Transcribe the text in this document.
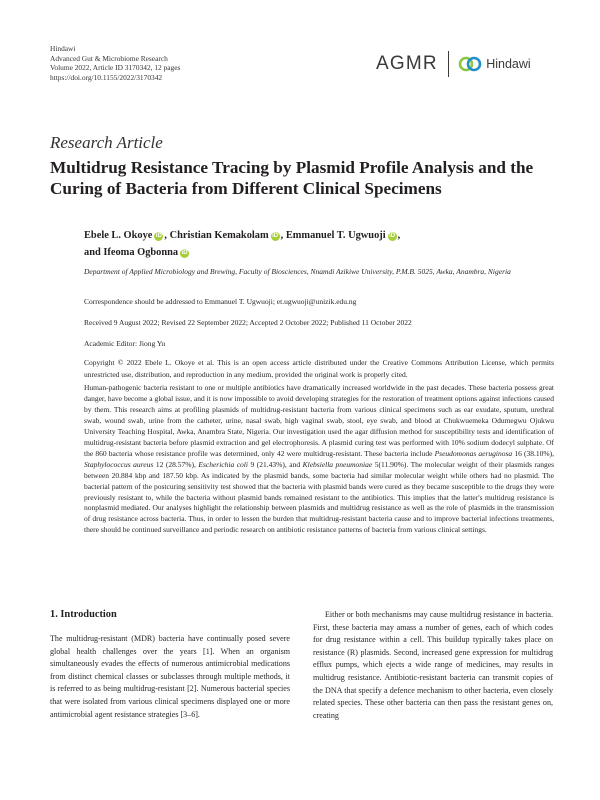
Hindawi
Advanced Gut & Microbiome Research
Volume 2022, Article ID 3170342, 12 pages
https://doi.org/10.1155/2022/3170342
AGMR	Hindawi
Research Article
Multidrug Resistance Tracing by Plasmid Profile Analysis and the Curing of Bacteria from Different Clinical Specimens
Ebele L. Okoye iD , Christian Kemakolam iD , Emmanuel T. Ugwuoji iD ,
and Ifeoma Ogbonna iD
Department of Applied Microbiology and Brewing, Faculty of Biosciences, Nnamdi Azikiwe University, P.M.B. 5025, Awka, Anambra, Nigeria
Correspondence should be addressed to Emmanuel T. Ugwuoji; et.ugwuoji@unizik.edu.ng
Received 9 August 2022; Revised 22 September 2022; Accepted 2 October 2022; Published 11 October 2022
Academic Editor: Jiong Yu
Copyright © 2022 Ebele L. Okoye et al. This is an open access article distributed under the Creative Commons Attribution License, which permits unrestricted use, distribution, and reproduction in any medium, provided the original work is properly cited.
Human-pathogenic bacteria resistant to one or multiple antibiotics have dramatically increased worldwide in the past decades. These bacteria possess great danger, have become a global issue, and it is now impossible to avoid developing strategies for the restoration of treatment options against infections caused by them. This research aims at profiling plasmids of multidrug-resistant bacteria from various clinical specimens such as ear exudate, sputum, urethral swab, wound swab, urine from the catheter, urine, nasal swab, high vaginal swab, stool, eye swab, and blood at Chukwuemeka Odumegwu Ojukwu University Teaching Hospital, Awka, Anambra State, Nigeria. Our investigation used the agar diffusion method for susceptibility tests and identification of multidrug-resistant bacteria before plasmid extraction and gel electrophoresis. A plasmid curing test was performed with 10% sodium dodecyl sulphate. Of the 860 bacteria whose resistance profile was determined, only 42 were multidrug-resistant. These bacteria include Pseudomonas aeruginosa 16 (38.10%), Staphylococcus aureus 12 (28.57%), Escherichia coli 9 (21.43%), and Klebsiella pneumoniae 5(11.90%). The molecular weight of their plasmids ranges between 20.884 kbp and 187.50 kbp. As indicated by the plasmid bands, some bacteria had similar molecular weight while others had no plasmid. The bacterial pattern of the postcuring sensitivity test showed that the bacteria with plasmid bands were cured as they became susceptible to the drugs they were previously resistant to, while the bacteria without plasmid bands remained resistant to the antibiotics. This implies that the latter's multidrug resistance is nonplasmid mediated. Our analyses highlight the relationship between plasmids and multidrug resistance as well as the role of plasmids in the transmission of drug resistance across bacteria. Thus, in order to lessen the burden that multidrug-resistant bacteria cause and to improve bacterial infections treatments, there should be continued surveillance and periodic research on antibiotic resistance patterns of bacteria from various clinical settings.
1. Introduction
The multidrug-resistant (MDR) bacteria have continually posed severe global health challenges over the years [1]. When an organism simultaneously evades the effects of numerous antimicrobial medications from distinct chemical classes or subclasses through multiple methods, it is referred to as being multidrug-resistant [2]. Numerous bacterial species that were isolated from various clinical specimens displayed one or more antimicrobial agent resistance strategies [3–6].
Either or both mechanisms may cause multidrug resistance in bacteria. First, these bacteria may amass a number of genes, each of which codes for drug resistance within a cell. This buildup typically takes place on resistance (R) plasmids. Second, increased gene expression for multidrug efflux pumps, which ejects a wide range of medicines, may results in multidrug resistance. Antibiotic-resistant bacteria can transmit copies of the DNA that specify a defence mechanism to other bacteria, even closely related species. These other bacteria can then pass the resistant genes on, creating
